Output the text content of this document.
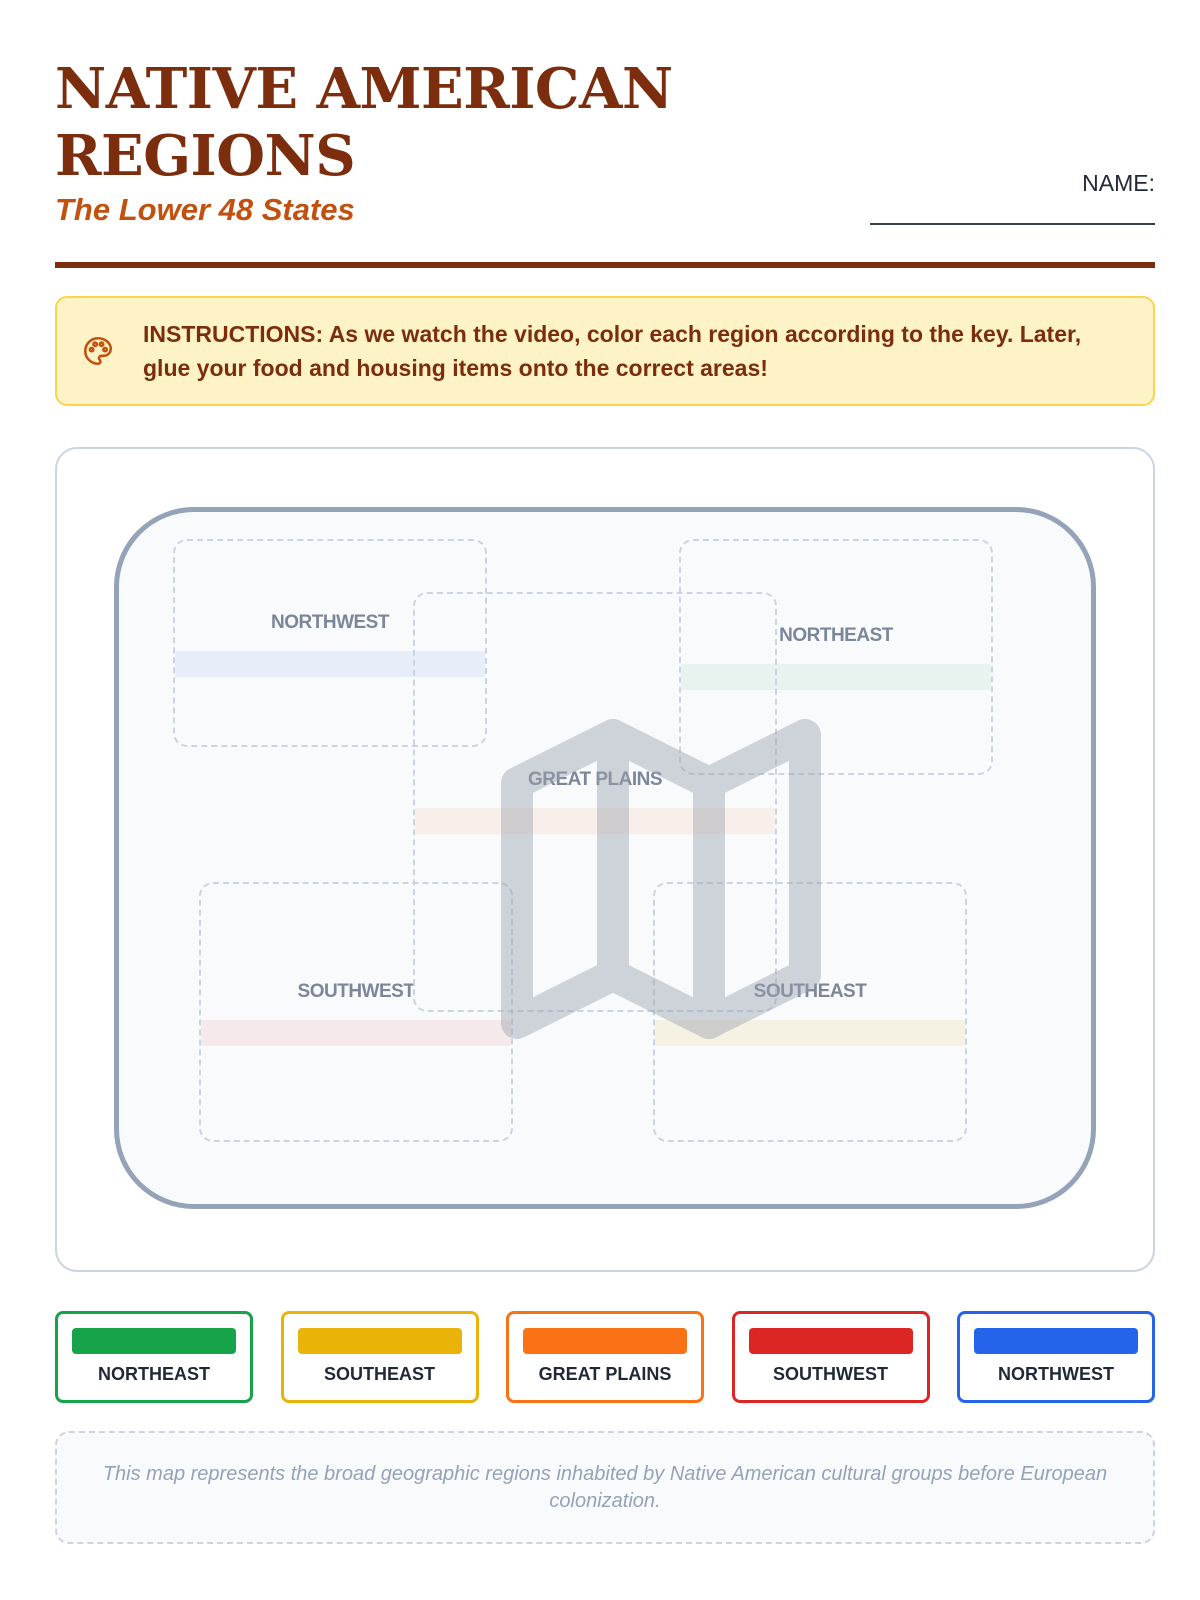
NATIVE AMERICAN
REGIONS
The Lower 48 States
NAME:
INSTRUCTIONS: As we watch the video, color each region according to the key. Later, glue your food and housing items onto the correct areas!
NORTHWEST
NORTHEAST
SOUTHWEST	SOUTHEAST
GREAT PLAINS
NORTHEAST	SOUTHEAST	GREAT PLAINS	SOUTHWEST	NORTHWEST
This map represents the broad geographic regions inhabited by Native American cultural groups before European colonization.
